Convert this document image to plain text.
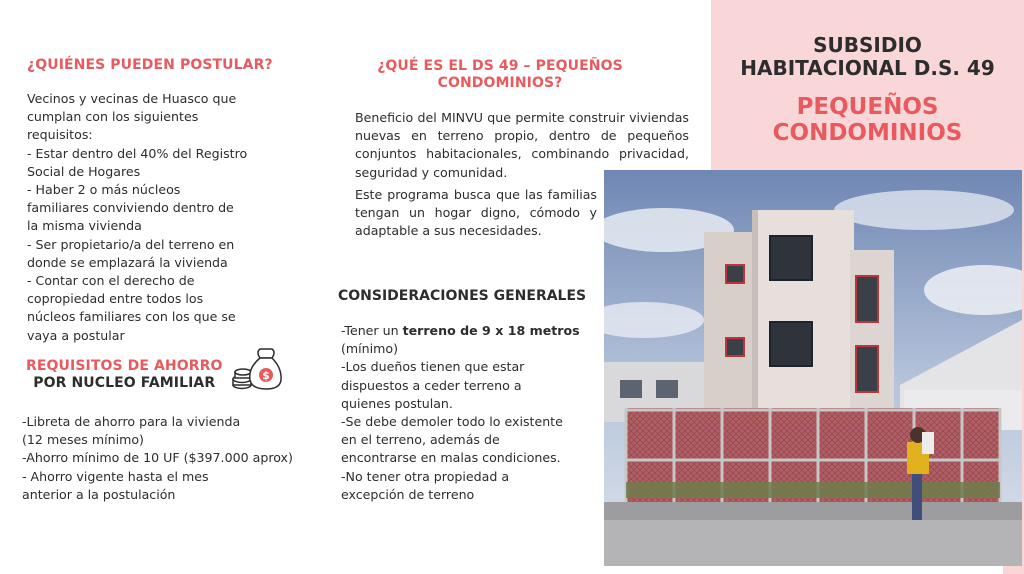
¿QUIÉNES PUEDEN POSTULAR?
Vecinos y vecinas de Huasco que
cumplan con los siguientes
requisitos:
- Estar dentro del 40% del Registro
Social de Hogares
- Haber 2 o más núcleos
familiares conviviendo dentro de
la misma vivienda
- Ser propietario/a del terreno en
donde se emplazará la vivienda
- Contar con el derecho de
copropiedad entre todos los
núcleos familiares con los que se
vaya a postular
REQUISITOS DE AHORRO
POR NUCLEO FAMILIAR	$
-Libreta de ahorro para la vivienda
(12 meses mínimo)
-Ahorro mínimo de 10 UF ($397.000 aprox)
- Ahorro vigente hasta el mes
anterior a la postulación
¿QUÉ ES EL DS 49 – PEQUEÑOS
CONDOMINIOS?
Beneficio del MINVU que permite construir viviendas nuevas en terreno propio, dentro de pequeños conjuntos habitacionales, combinando privacidad, seguridad y comunidad.
Este programa busca que las familias tengan un hogar digno, cómodo y adaptable a sus necesidades.
CONSIDERACIONES GENERALES
-Tener un terreno de 9 x 18 metros
(mínimo)
-Los dueños tienen que estar
dispuestos a ceder terreno a
quienes postulan.
-Se debe demoler todo lo existente
en el terreno, además de
encontrarse en malas condiciones.
-No tener otra propiedad a
excepción de terreno
SUBSIDIO
HABITACIONAL D.S. 49
PEQUEÑOS
CONDOMINIOS
